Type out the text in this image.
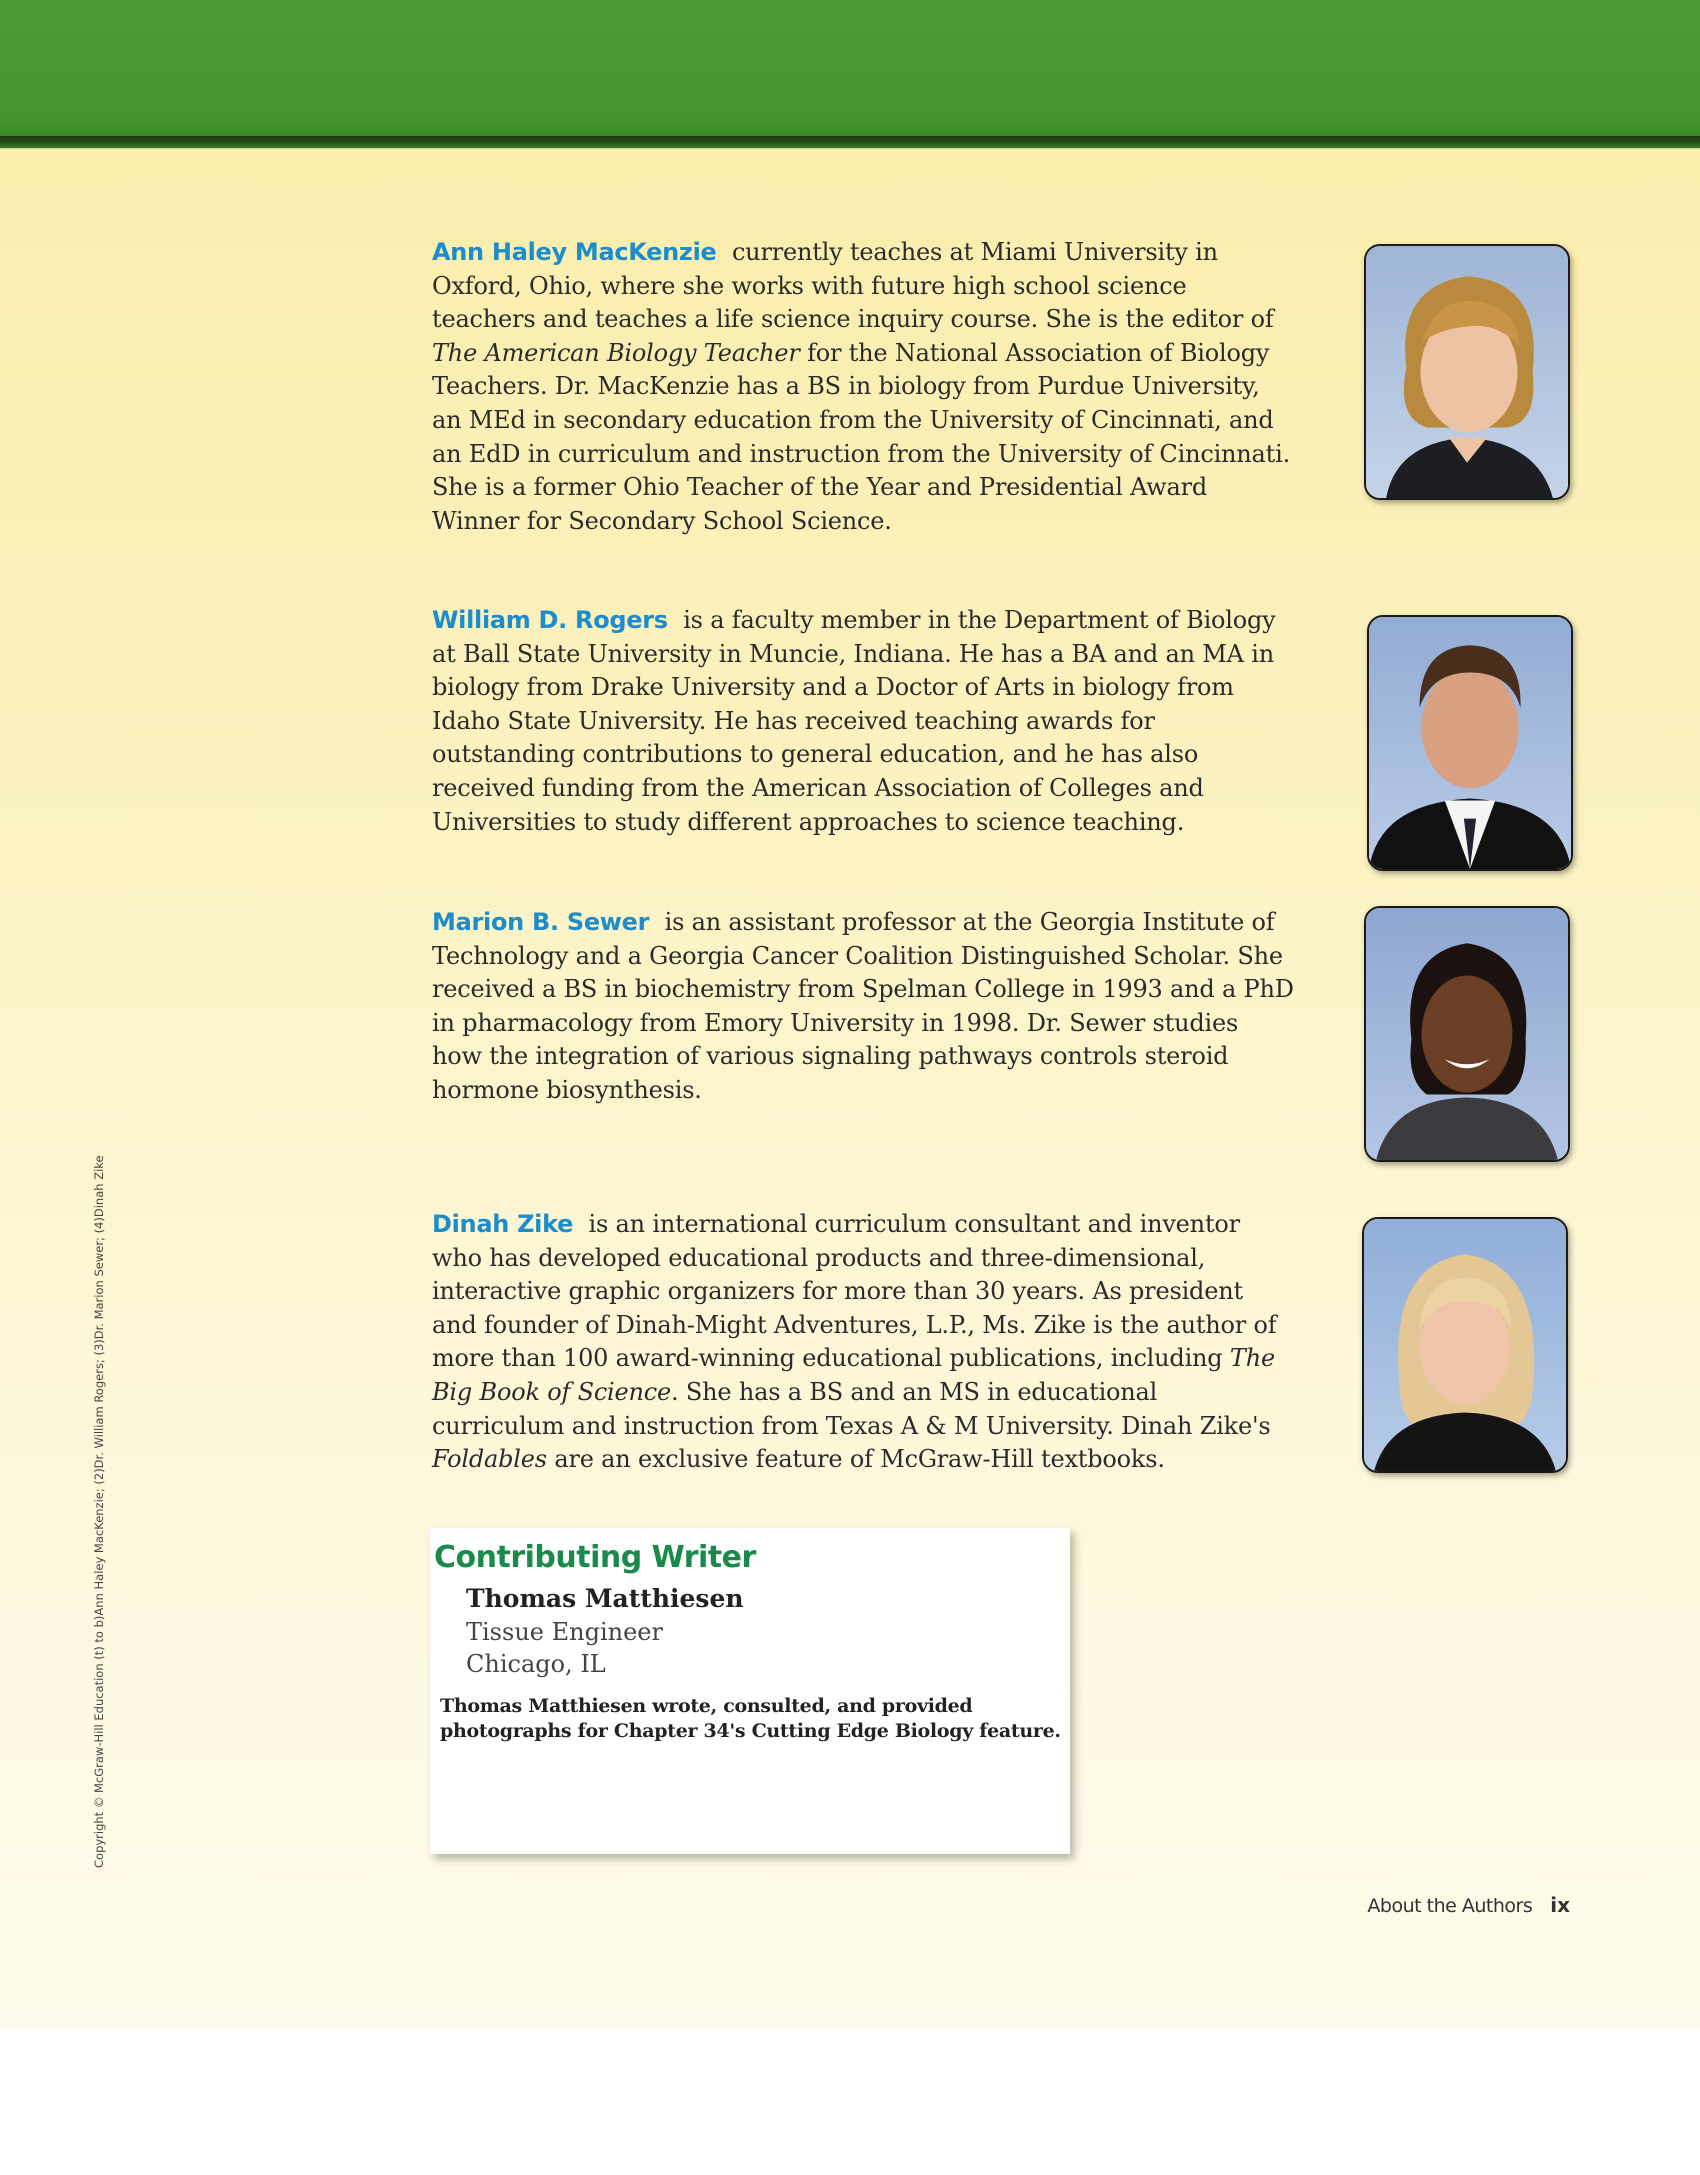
Ann Haley MacKenzie currently teaches at Miami University in Oxford, Ohio, where she works with future high school science teachers and teaches a life science inquiry course. She is the editor of The American Biology Teacher for the National Association of Biology Teachers. Dr. MacKenzie has a BS in biology from Purdue University, an MEd in secondary education from the University of Cincinnati, and an EdD in curriculum and instruction from the University of Cincinnati. She is a former Ohio Teacher of the Year and Presidential Award Winner for Secondary School Science.
William D. Rogers is a faculty member in the Department of Biology at Ball State University in Muncie, Indiana. He has a BA and an MA in biology from Drake University and a Doctor of Arts in biology from Idaho State University. He has received teaching awards for outstanding contributions to general education, and he has also received funding from the American Association of Colleges and Universities to study different approaches to science teaching.
Marion B. Sewer is an assistant professor at the Georgia Institute of Technology and a Georgia Cancer Coalition Distinguished Scholar. She received a BS in biochemistry from Spelman College in 1993 and a PhD in pharmacology from Emory University in 1998. Dr. Sewer studies how the integration of various signaling pathways controls steroid hormone biosynthesis.
Dinah Zike is an international curriculum consultant and inventor who has developed educational products and three-dimensional, interactive graphic organizers for more than 30 years. As president and founder of Dinah-Might Adventures, L.P., Ms. Zike is the author of more than 100 award-winning educational publications, including The Big Book of Science. She has a BS and an MS in educational curriculum and instruction from Texas A & M University. Dinah Zike's Foldables are an exclusive feature of McGraw-Hill textbooks.
Contributing Writer
Thomas Matthiesen
Tissue Engineer
Chicago, IL
Thomas Matthiesen wrote, consulted, and provided photographs for Chapter 34's Cutting Edge Biology feature.
Copyright © McGraw-Hill Education (t) to b)Ann Haley MacKenzie; (2)Dr. William Rogers; (3)Dr. Marion Sewer; (4)Dinah Zike
About the Authors ix
